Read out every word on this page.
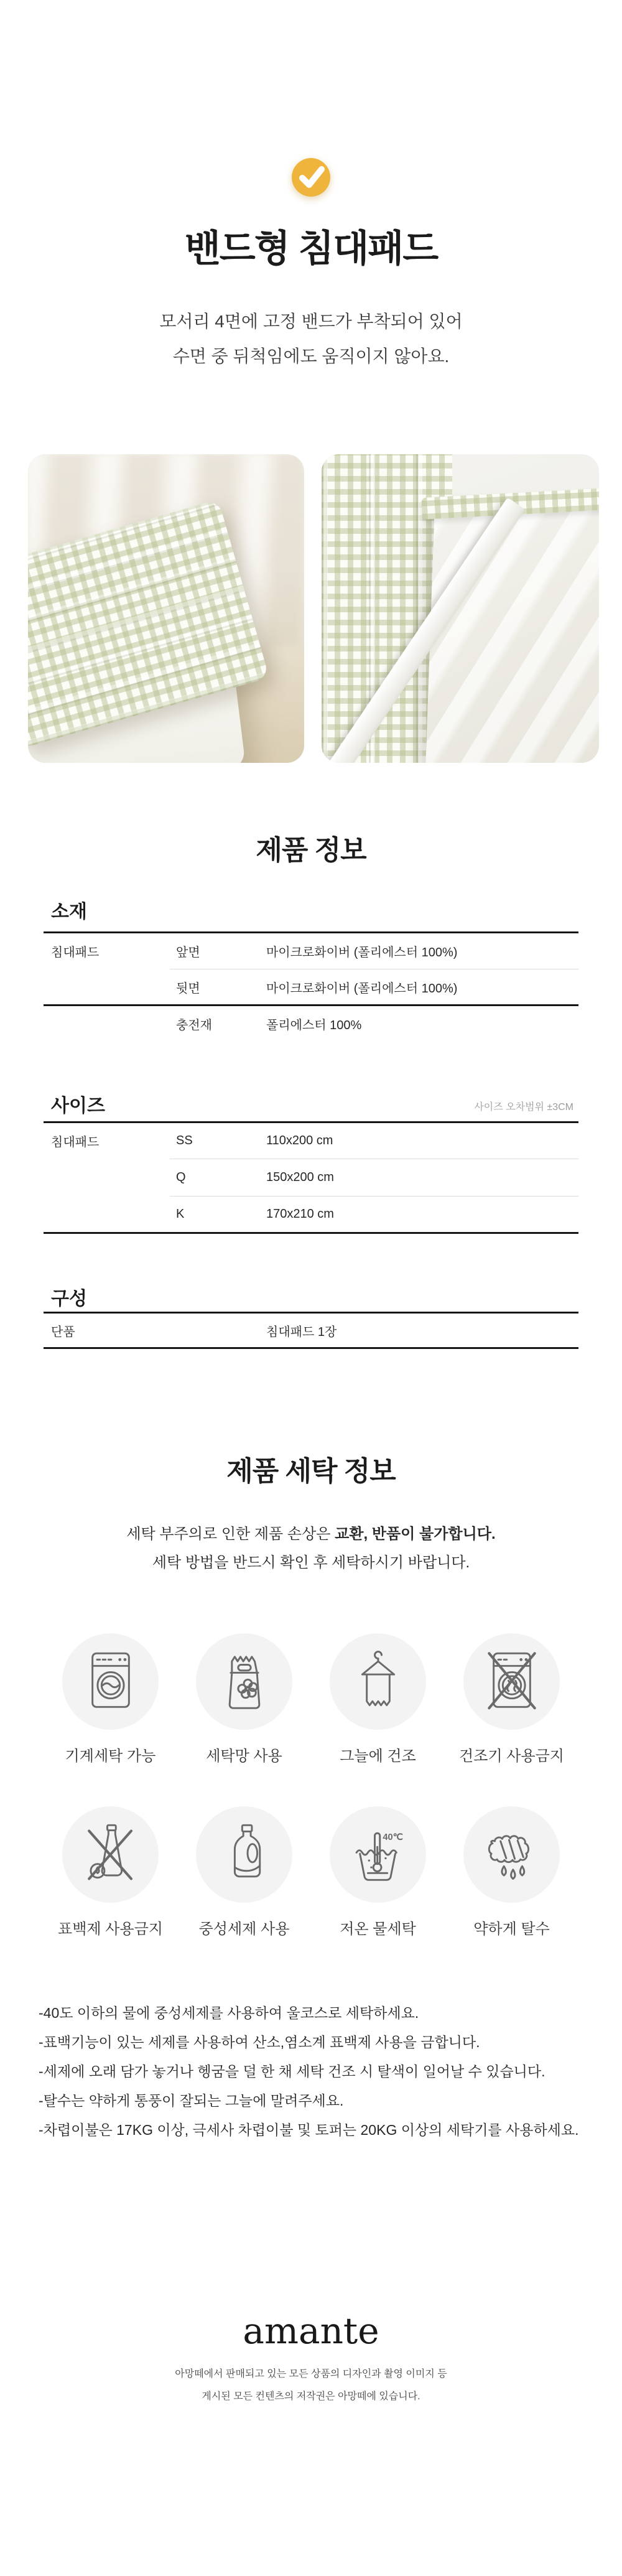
밴드형 침대패드
모서리 4면에 고정 밴드가 부착되어 있어
수면 중 뒤척임에도 움직이지 않아요.
제품 정보
소재
침대패드	앞면	마이크로화이버 (폴리에스터 100%)
뒷면	마이크로화이버 (폴리에스터 100%)
충전재	폴리에스터 100%
사이즈	사이즈 오차범위 ±3CM
침대패드	SS	110x200 cm
Q	150x200 cm
K	170x210 cm
구성
단품	침대패드 1장
제품 세탁 정보
세탁 부주의로 인한 제품 손상은 교환, 반품이 불가합니다.
세탁 방법을 반드시 확인 후 세탁하시기 바랍니다.
기계세탁 가능	세탁망 사용	그늘에 건조	건조기 사용금지
표백제 사용금지 중성세제 사용
40℃
저온 물세탁	약하게 탈수
-40도 이하의 물에 중성세제를 사용하여 울코스로 세탁하세요.
-표백기능이 있는 세제를 사용하여 산소,염소계 표백제 사용을 금합니다.
-세제에 오래 담가 놓거나 헹굼을 덜 한 채 세탁 건조 시 탈색이 일어날 수 있습니다.
-탈수는 약하게 통풍이 잘되는 그늘에 말려주세요.
-차렵이불은 17KG 이상, 극세사 차렵이불 및 토퍼는 20KG 이상의 세탁기를 사용하세요.
amante
아망떼에서 판매되고 있는 모든 상품의 디자인과 촬영 이미지 등
게시된 모든 컨텐츠의 저작권은 아망떼에 있습니다.
